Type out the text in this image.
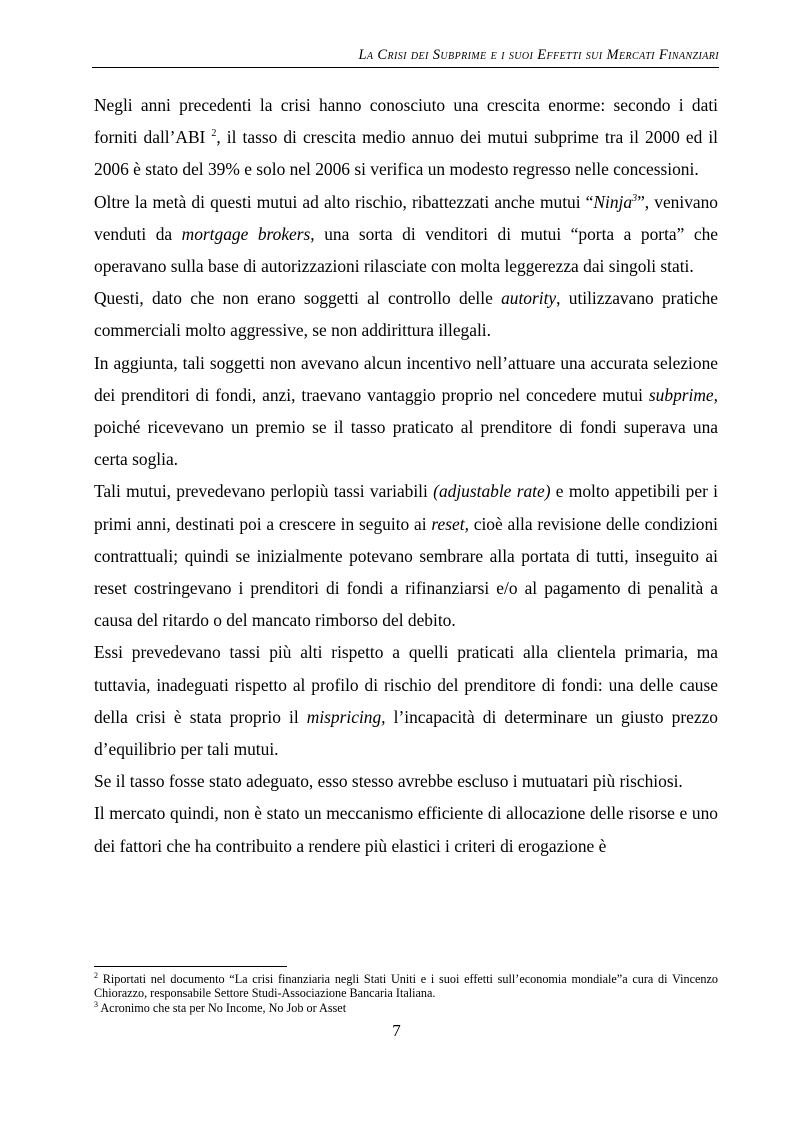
La Crisi dei Subprime e i suoi Effetti sui Mercati Finanziari

Negli anni precedenti la crisi hanno conosciuto una crescita enorme: secondo i dati forniti dall’ABI $^2$, il tasso di crescita medio annuo dei mutui subprime tra il 2000 ed il 2006 è stato del 39% e solo nel 2006 si verifica un modesto regresso nelle concessioni.

Oltre la metà di questi mutui ad alto rischio, ribattezzati anche mutui “Ninja$^3$”, venivano venduti da mortgage brokers, una sorta di venditori di mutui “porta a porta” che operavano sulla base di autorizzazioni rilasciate con molta leggerezza dai singoli stati.

Questi, dato che non erano soggetti al controllo delle autority, utilizzavano pratiche commerciali molto aggressive, se non addirittura illegali.

In aggiunta, tali soggetti non avevano alcun incentivo nell’attuare una accurata selezione dei prenditori di fondi, anzi, traevano vantaggio proprio nel concedere mutui subprime, poiché ricevevano un premio se il tasso praticato al prenditore di fondi superava una certa soglia.

Tali mutui, prevedevano perlopiù tassi variabili (adjustable rate) e molto appetibili per i primi anni, destinati poi a crescere in seguito ai reset, cioè alla revisione delle condizioni contrattuali; quindi se inizialmente potevano sembrare alla portata di tutti, inseguito ai reset costringevano i prenditori di fondi a rifinanziarsi e/o al pagamento di penalità a causa del ritardo o del mancato rimborso del debito.

Essi prevedevano tassi più alti rispetto a quelli praticati alla clientela primaria, ma tuttavia, inadeguati rispetto al profilo di rischio del prenditore di fondi: una delle cause della crisi è stata proprio il mispricing, l’incapacità di determinare un giusto prezzo d’equilibrio per tali mutui.

Se il tasso fosse stato adeguato, esso stesso avrebbe escluso i mutuatari più rischiosi.

Il mercato quindi, non è stato un meccanismo efficiente di allocazione delle risorse e uno dei fattori che ha contribuito a rendere più elastici i criteri di erogazione è

$^2$ Riportati nel documento “La crisi finanziaria negli Stati Uniti e i suoi effetti sull’economia mondiale”a cura di Vincenzo Chiorazzo, responsabile Settore Studi-Associazione Bancaria Italiana.

$^3$ Acronimo che sta per No Income, No Job or Asset

7
